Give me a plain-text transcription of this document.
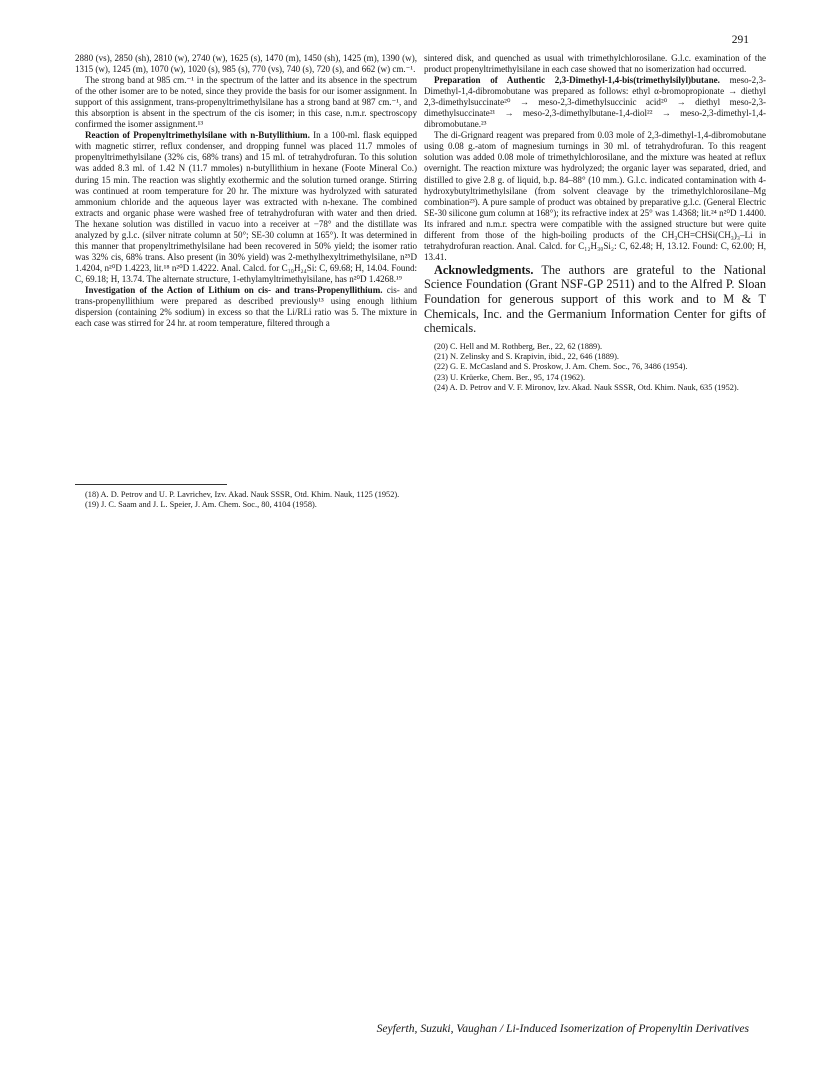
291

2880 (vs), 2850 (sh), 2810 (w), 2740 (w), 1625 (s), 1470 (m), 1450 (sh), 1425 (m), 1390 (w), 1315 (w), 1245 (m), 1070 (w), 1020 (s), 985 (s), 770 (vs), 740 (s), 720 (s), and 662 (w) cm.⁻¹.

The strong band at 985 cm.⁻¹ in the spectrum of the latter and its absence in the spectrum of the other isomer are to be noted, since they provide the basis for our isomer assignment. In support of this assignment, trans-propenyltrimethylsilane has a strong band at 987 cm.⁻¹, and this absorption is absent in the spectrum of the cis isomer; in this case, n.m.r. spectroscopy confirmed the isomer assignment.¹³

Reaction of Propenyltrimethylsilane with n-Butyllithium. In a 100-ml. flask equipped with magnetic stirrer, reflux condenser, and dropping funnel was placed 11.7 mmoles of propenyltrimethylsilane (32% cis, 68% trans) and 15 ml. of tetrahydrofuran. To this solution was added 8.3 ml. of 1.42 N (11.7 mmoles) n-butyllithium in hexane (Foote Mineral Co.) during 15 min. The reaction was slightly exothermic and the solution turned orange. Stirring was continued at room temperature for 20 hr. The mixture was hydrolyzed with saturated ammonium chloride and the aqueous layer was extracted with n-hexane. The combined extracts and organic phase were washed free of tetrahydrofuran with water and then dried. The hexane solution was distilled in vacuo into a receiver at −78° and the distillate was analyzed by g.l.c. (silver nitrate column at 50°; SE-30 column at 165°). It was determined in this manner that propenyltrimethylsilane had been recovered in 50% yield; the isomer ratio was 32% cis, 68% trans. Also present (in 30% yield) was 2-methylhexyltrimethylsilane, n²⁵D 1.4204, n²⁰D 1.4223, lit.¹⁸ n²⁰D 1.4222. Anal. Calcd. for C₁₀H₂₄Si: C, 69.68; H, 14.04. Found: C, 69.18; H, 13.74. The alternate structure, 1-ethylamyltrimethylsilane, has n²⁰D 1.4268.¹⁹

Investigation of the Action of Lithium on cis- and trans-Propenyllithium. cis- and trans-propenyllithium were prepared as described previously¹³ using enough lithium dispersion (containing 2% sodium) in excess so that the Li/RLi ratio was 5. The mixture in each case was stirred for 24 hr. at room temperature, filtered through a

(18) A. D. Petrov and U. P. Lavrichev, Izv. Akad. Nauk SSSR, Otd. Khim. Nauk, 1125 (1952).
(19) J. C. Saam and J. L. Speier, J. Am. Chem. Soc., 80, 4104 (1958).

sintered disk, and quenched as usual with trimethylchlorosilane. G.l.c. examination of the product propenyltrimethylsilane in each case showed that no isomerization had occurred.

Preparation of Authentic 2,3-Dimethyl-1,4-bis(trimethylsilyl)butane. meso-2,3-Dimethyl-1,4-dibromobutane was prepared as follows: ethyl α-bromopropionate → diethyl 2,3-dimethylsuccinate²⁰ → meso-2,3-dimethylsuccinic acid²⁰ → diethyl meso-2,3-dimethylsuccinate²¹ → meso-2,3-dimethylbutane-1,4-diol²² → meso-2,3-dimethyl-1,4-dibromobutane.²³

The di-Grignard reagent was prepared from 0.03 mole of 2,3-dimethyl-1,4-dibromobutane using 0.08 g.-atom of magnesium turnings in 30 ml. of tetrahydrofuran. To this reagent solution was added 0.08 mole of trimethylchlorosilane, and the mixture was heated at reflux overnight. The reaction mixture was hydrolyzed; the organic layer was separated, dried, and distilled to give 2.8 g. of liquid, b.p. 84–88° (10 mm.). G.l.c. indicated contamination with 4-hydroxybutyltrimethylsilane (from solvent cleavage by the trimethylchlorosilane–Mg combination²³). A pure sample of product was obtained by preparative g.l.c. (General Electric SE-30 silicone gum column at 168°); its refractive index at 25° was 1.4368; lit.²⁴ n²⁰D 1.4400. Its infrared and n.m.r. spectra were compatible with the assigned structure but were quite different from those of the high-boiling products of the CH₃CH=CHSi(CH₃)₃–Li in tetrahydrofuran reaction. Anal. Calcd. for C₁₂H₃₀Si₂: C, 62.48; H, 13.12. Found: C, 62.00; H, 13.41.

Acknowledgments. The authors are grateful to the National Science Foundation (Grant NSF-GP 2511) and to the Alfred P. Sloan Foundation for generous support of this work and to M & T Chemicals, Inc. and the Germanium Information Center for gifts of chemicals.

(20) C. Hell and M. Rothberg, Ber., 22, 62 (1889).
(21) N. Zelinsky and S. Krapivin, ibid., 22, 646 (1889).
(22) G. E. McCasland and S. Proskow, J. Am. Chem. Soc., 76, 3486 (1954).
(23) U. Krüerke, Chem. Ber., 95, 174 (1962).
(24) A. D. Petrov and V. F. Mironov, Izv. Akad. Nauk SSSR, Otd. Khim. Nauk, 635 (1952).
Seyferth, Suzuki, Vaughan / Li-Induced Isomerization of Propenyltin Derivatives
